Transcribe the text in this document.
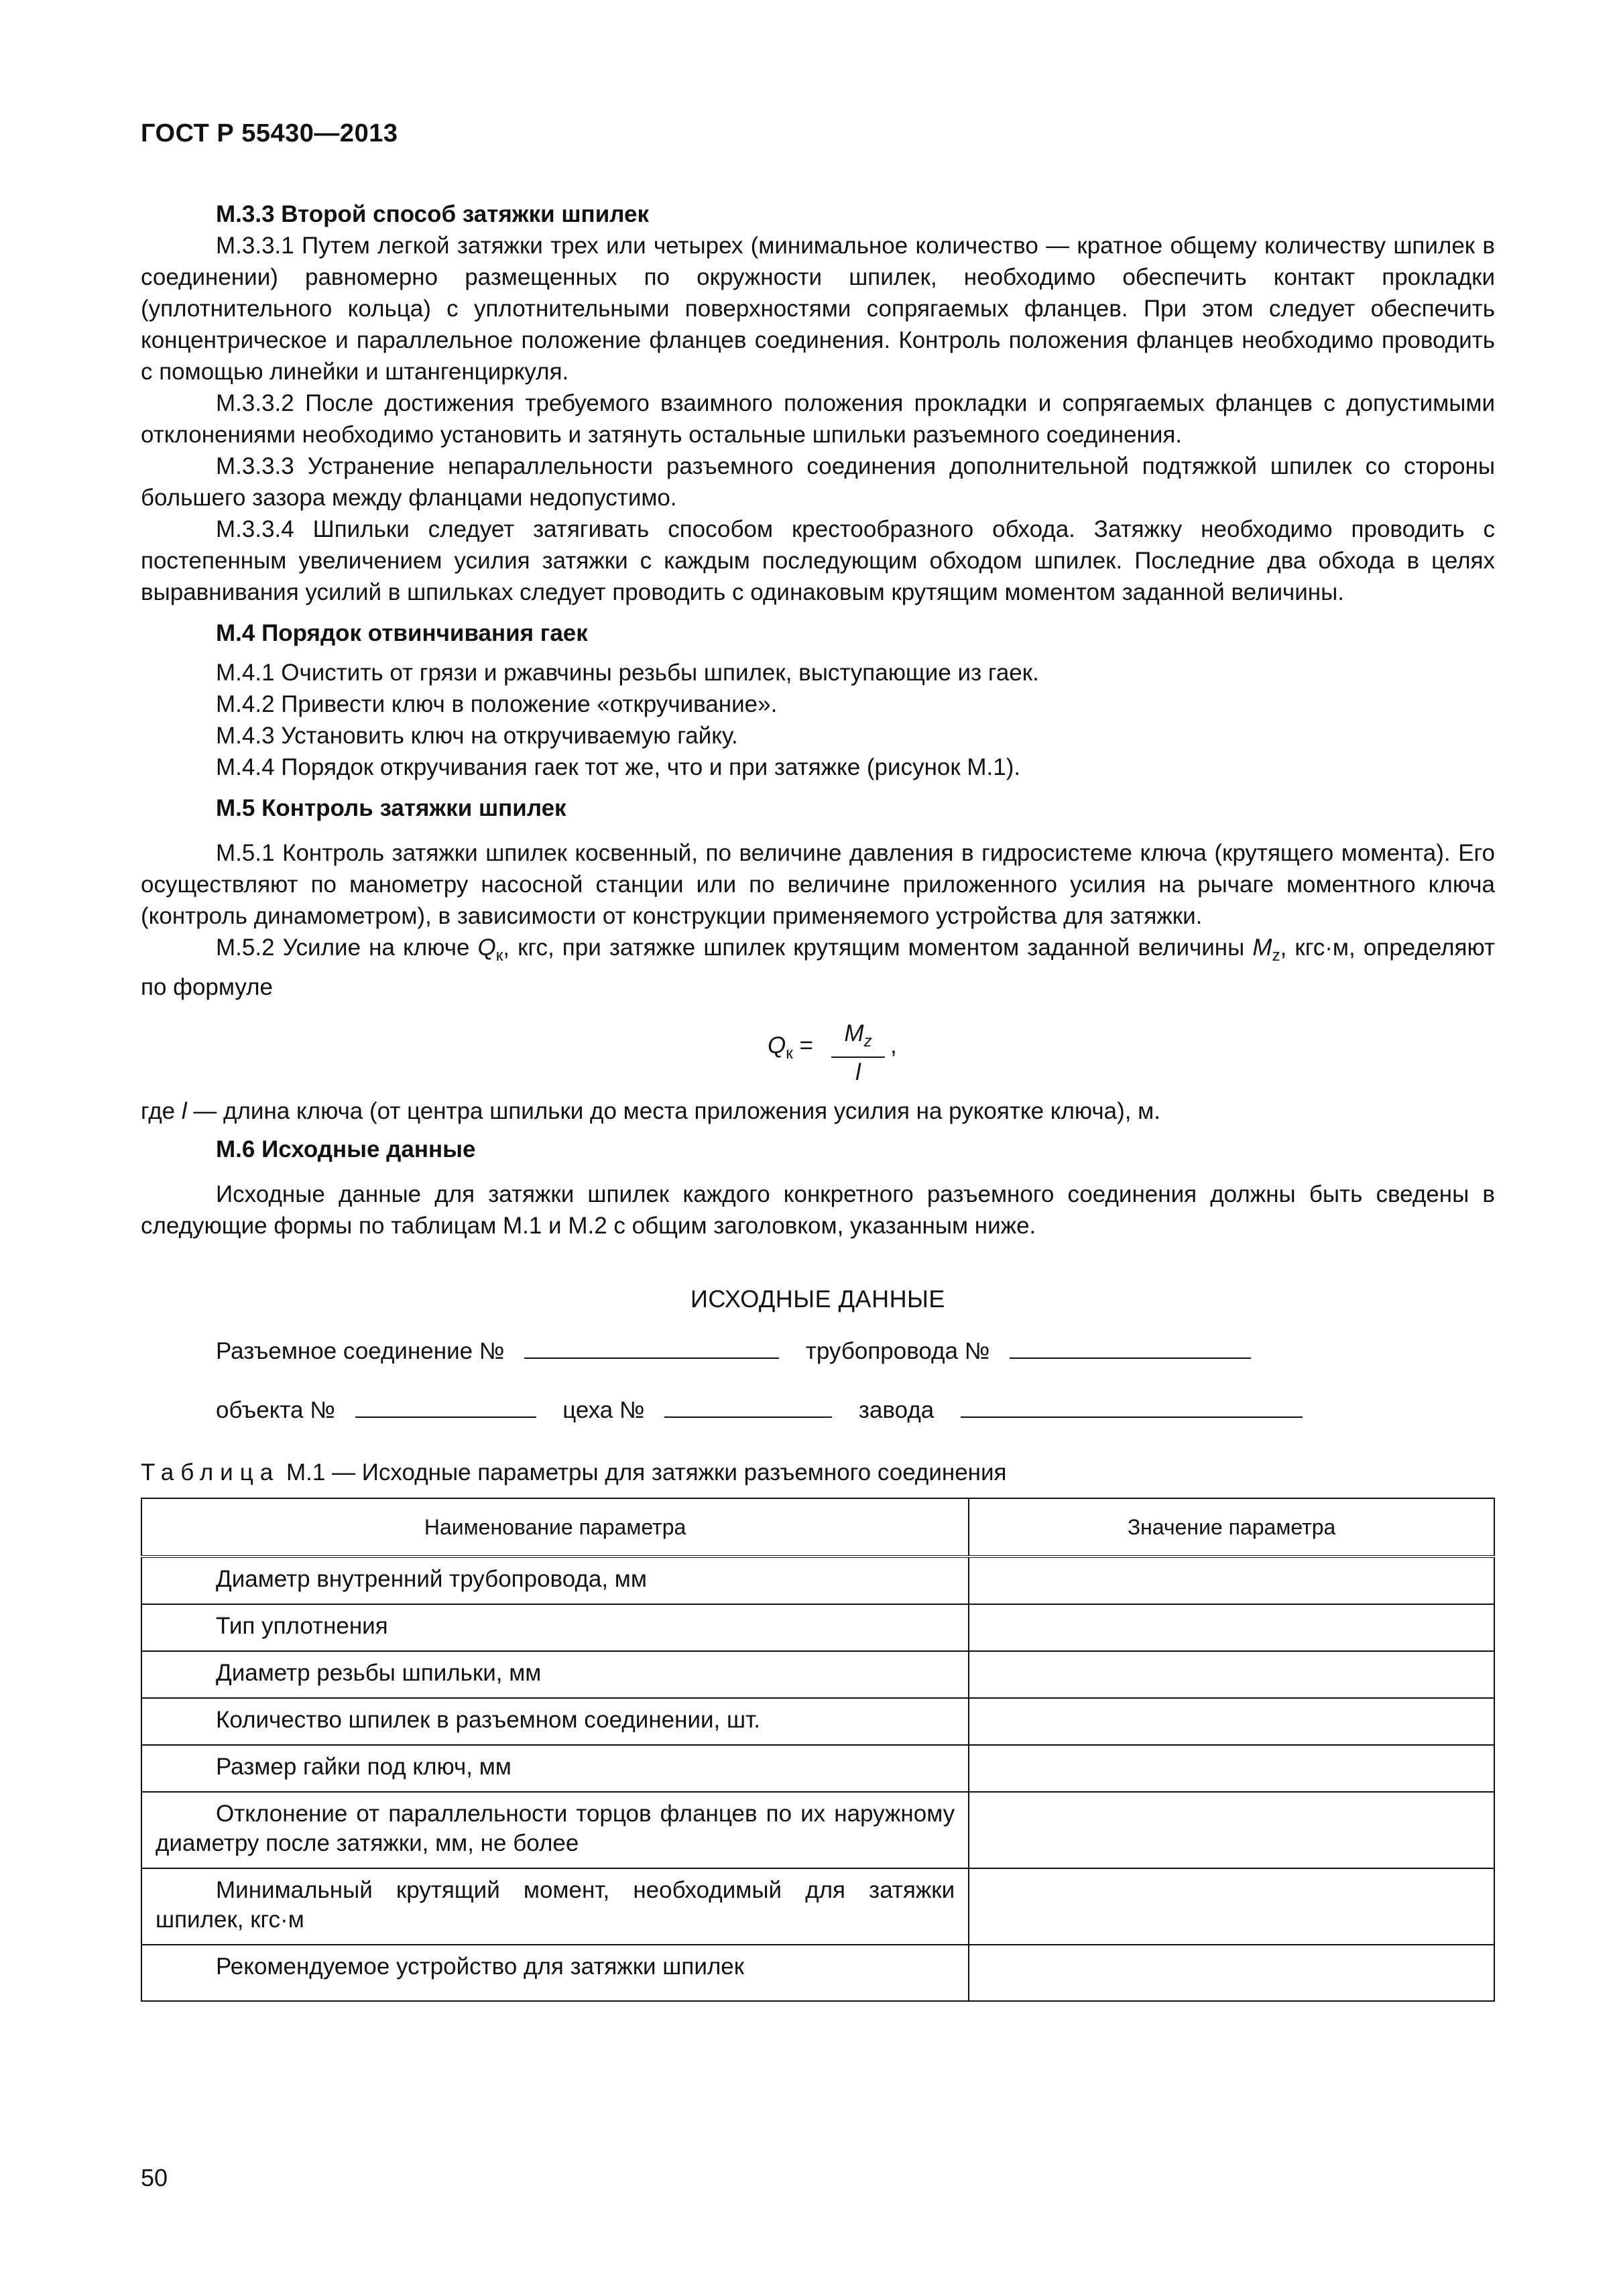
ГОСТ Р 55430—2013
М.3.3 Второй способ затяжки шпилек

М.3.3.1 Путем легкой затяжки трех или четырех (минимальное количество — кратное общему количеству шпилек в соединении) равномерно размещенных по окружности шпилек, необходимо обеспечить контакт прокладки (уплотнительного кольца) с уплотнительными поверхностями сопрягаемых фланцев. При этом следует обеспечить концентрическое и параллельное положение фланцев соединения. Контроль положения фланцев необходимо проводить с помощью линейки и штангенциркуля.

М.3.3.2 После достижения требуемого взаимного положения прокладки и сопрягаемых фланцев с допустимыми отклонениями необходимо установить и затянуть остальные шпильки разъемного соединения.

М.3.3.3 Устранение непараллельности разъемного соединения дополнительной подтяжкой шпилек со стороны большего зазора между фланцами недопустимо.

М.3.3.4 Шпильки следует затягивать способом крестообразного обхода. Затяжку необходимо проводить с постепенным увеличением усилия затяжки с каждым последующим обходом шпилек. Последние два обхода в целях выравнивания усилий в шпильках следует проводить с одинаковым крутящим моментом заданной величины.

М.4 Порядок отвинчивания гаек

М.4.1 Очистить от грязи и ржавчины резьбы шпилек, выступающие из гаек.

М.4.2 Привести ключ в положение «откручивание».

М.4.3 Установить ключ на откручиваемую гайку.

М.4.4 Порядок откручивания гаек тот же, что и при затяжке (рисунок М.1).

М.5 Контроль затяжки шпилек

М.5.1 Контроль затяжки шпилек косвенный, по величине давления в гидросистеме ключа (крутящего момента). Его осуществляют по манометру насосной станции или по величине приложенного усилия на рычаге моментного ключа (контроль динамометром), в зависимости от конструкции применяемого устройства для затяжки.

М.5.2 Усилие на ключе $Q_к$, кгс, при затяжке шпилек крутящим моментом заданной величины $M_z$, кгс·м, определяют по формуле

$Q_к = \frac{M_z}{l}$ ,

где l — длина ключа (от центра шпильки до места приложения усилия на рукоятке ключа), м.

М.6 Исходные данные

Исходные данные для затяжки шпилек каждого конкретного разъемного соединения должны быть сведены в следующие формы по таблицам М.1 и М.2 с общим заголовком, указанным ниже.

ИСХОДНЫЕ ДАННЫЕ
Разъемное соединение №	трубопровода №
объекта №	цеха №	завода

Таблица М.1 — Исходные параметры для затяжки разъемного соединения

Наименование параметра	Значение параметра

Диаметр внутренний трубопровода, мм	

Тип уплотнения	

Диаметр резьбы шпильки, мм	

Количество шпилек в разъемном соединении, шт.	

Размер гайки под ключ, мм	

Отклонение от параллельности торцов фланцев по их наружному диаметру после затяжки, мм, не более	

Минимальный крутящий момент, необходимый для затяжки шпилек, кгс·м	

Рекомендуемое устройство для затяжки шпилек	

50
